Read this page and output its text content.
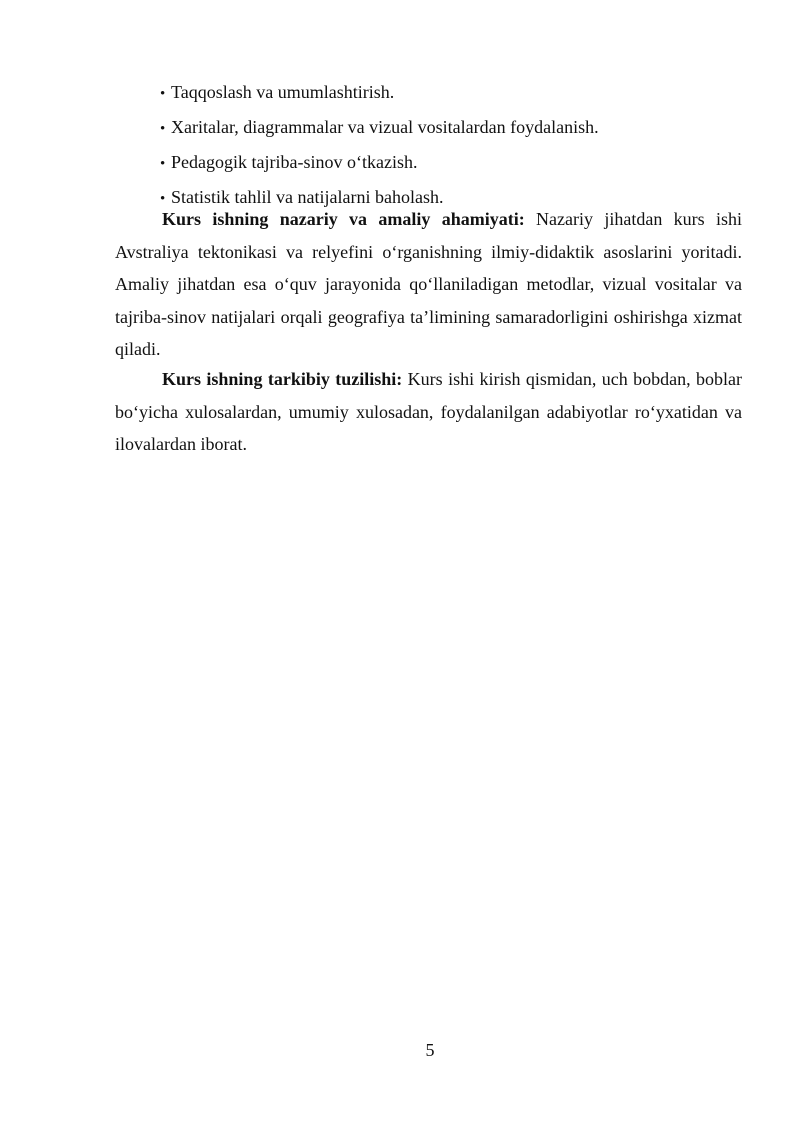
• Taqqoslash va umumlashtirish.
• Xaritalar, diagrammalar va vizual vositalardan foydalanish.
• Pedagogik tajriba-sinov o‘tkazish.
• Statistik tahlil va natijalarni baholash.

Kurs ishning nazariy va amaliy ahamiyati: Nazariy jihatdan kurs ishi Avstraliya tektonikasi va relyefini o‘rganishning ilmiy-didaktik asoslarini yoritadi. Amaliy jihatdan esa o‘quv jarayonida qo‘llaniladigan metodlar, vizual vositalar va tajriba-sinov natijalari orqali geografiya ta’limining samaradorligini oshirishga xizmat qiladi.

Kurs ishning tarkibiy tuzilishi: Kurs ishi kirish qismidan, uch bobdan, boblar bo‘yicha xulosalardan, umumiy xulosadan, foydalanilgan adabiyotlar ro‘yxatidan va ilovalardan iborat.

5
